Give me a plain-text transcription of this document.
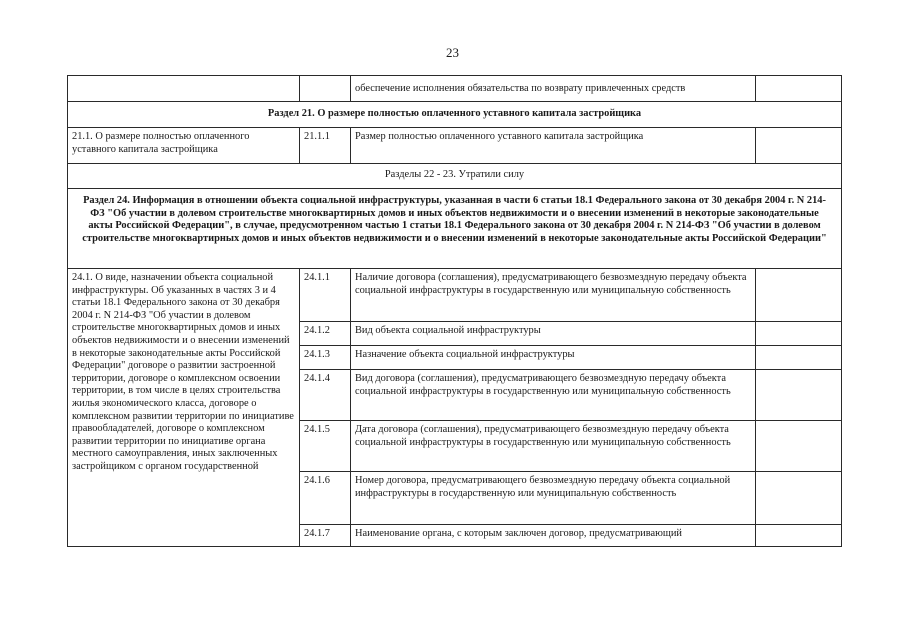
23
		обеспечение исполнения обязательства по возврату привлеченных средств	
Раздел 21. О размере полностью оплаченного уставного капитала застройщика			
21.1. О размере полностью оплаченного уставного капитала застройщика	21.1.1	Размер полностью оплаченного уставного капитала застройщика	
Разделы 22 - 23. Утратили силу			
Раздел 24. Информация в отношении объекта социальной инфраструктуры, указанная в части 6 статьи 18.1 Федерального закона от 30 декабря 2004 г. N 214-ФЗ "Об участии в долевом строительстве многоквартирных домов и иных объектов недвижимости и о внесении изменений в некоторые законодательные акты Российской Федерации", в случае, предусмотренном частью 1 статьи 18.1 Федерального закона от 30 декабря 2004 г. N 214-ФЗ "Об участии в долевом строительстве многоквартирных домов и иных объектов недвижимости и о внесении изменений в некоторые законодательные акты Российской Федерации"			
24.1. О виде, назначении объекта социальной инфраструктуры. Об указанных в частях 3 и 4 статьи 18.1 Федерального закона от 30 декабря 2004 г. N 214-ФЗ "Об участии в долевом строительстве многоквартирных домов и иных объектов недвижимости и о внесении изменений в некоторые законодательные акты Российской Федерации" договоре о развитии застроенной территории, договоре о комплексном освоении территории, в том числе в целях строительства жилья экономического класса, договоре о комплексном развитии территории по инициативе правообладателей, договоре о комплексном развитии территории по инициативе органа местного самоуправления, иных заключенных застройщиком с органом государственной	24.1.1	Наличие договора (соглашения), предусматривающего безвозмездную передачу объекта социальной инфраструктуры в государственную или муниципальную собственность	
	24.1.2	Вид объекта социальной инфраструктуры	
	24.1.3	Назначение объекта социальной инфраструктуры	
	24.1.4	Вид договора (соглашения), предусматривающего безвозмездную передачу объекта социальной инфраструктуры в государственную или муниципальную собственность	
	24.1.5	Дата договора (соглашения), предусматривающего безвозмездную передачу объекта социальной инфраструктуры в государственную или муниципальную собственность	
	24.1.6	Номер договора, предусматривающего безвозмездную передачу объекта социальной инфраструктуры в государственную или муниципальную собственность	
	24.1.7	Наименование органа, с которым заключен договор, предусматривающий	
